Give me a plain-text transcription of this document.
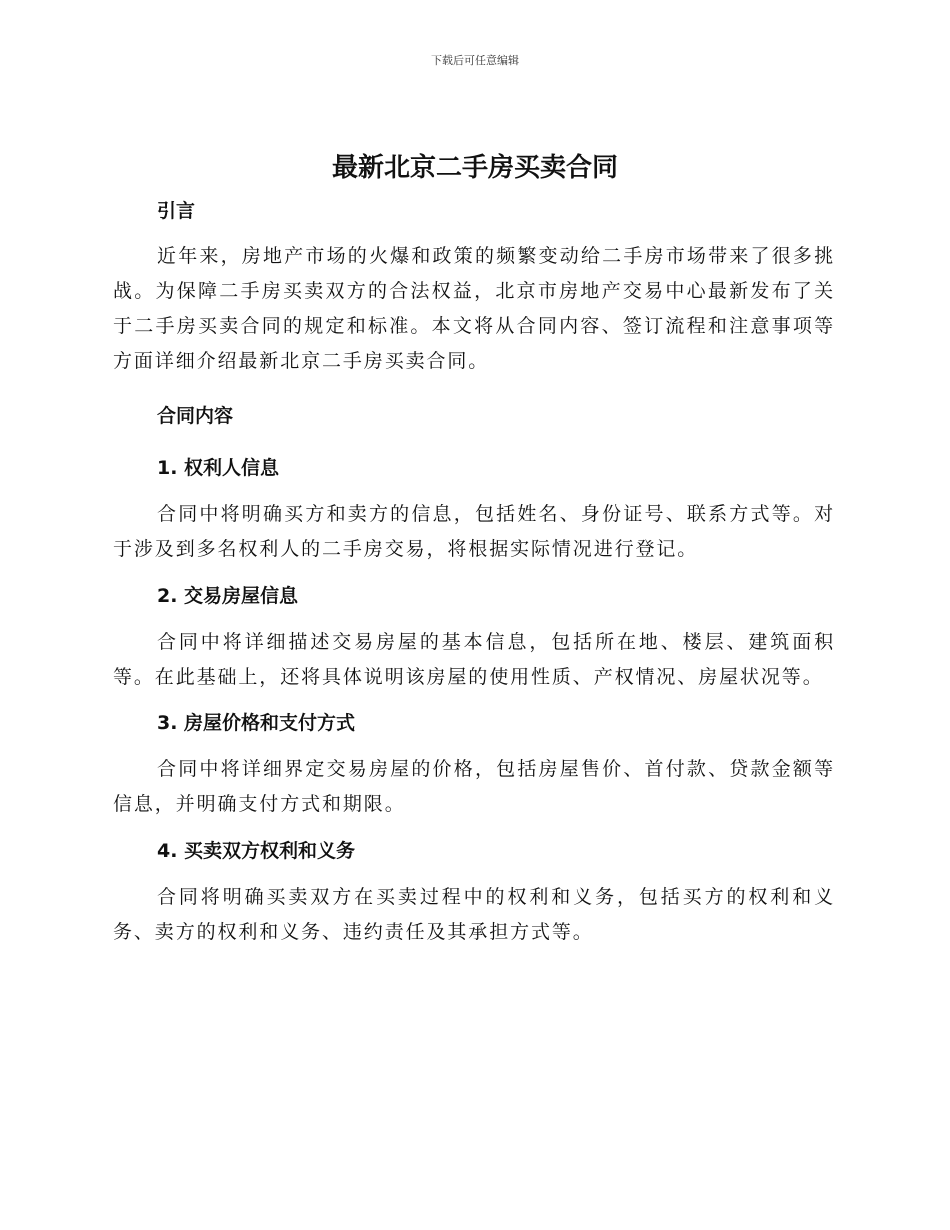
下载后可任意编辑
最新北京二手房买卖合同

引言

近年来，房地产市场的火爆和政策的频繁变动给二手房市场带来了很多挑战。为保障二手房买卖双方的合法权益，北京市房地产交易中心最新发布了关于二手房买卖合同的规定和标准。本文将从合同内容、签订流程和注意事项等方面详细介绍最新北京二手房买卖合同。

合同内容

1. 权利人信息

合同中将明确买方和卖方的信息，包括姓名、身份证号、联系方式等。对于涉及到多名权利人的二手房交易，将根据实际情况进行登记。

2. 交易房屋信息

合同中将详细描述交易房屋的基本信息，包括所在地、楼层、建筑面积等。在此基础上，还将具体说明该房屋的使用性质、产权情况、房屋状况等。

3. 房屋价格和支付方式

合同中将详细界定交易房屋的价格，包括房屋售价、首付款、贷款金额等信息，并明确支付方式和期限。

4. 买卖双方权利和义务

合同将明确买卖双方在买卖过程中的权利和义务，包括买方的权利和义务、卖方的权利和义务、违约责任及其承担方式等。
